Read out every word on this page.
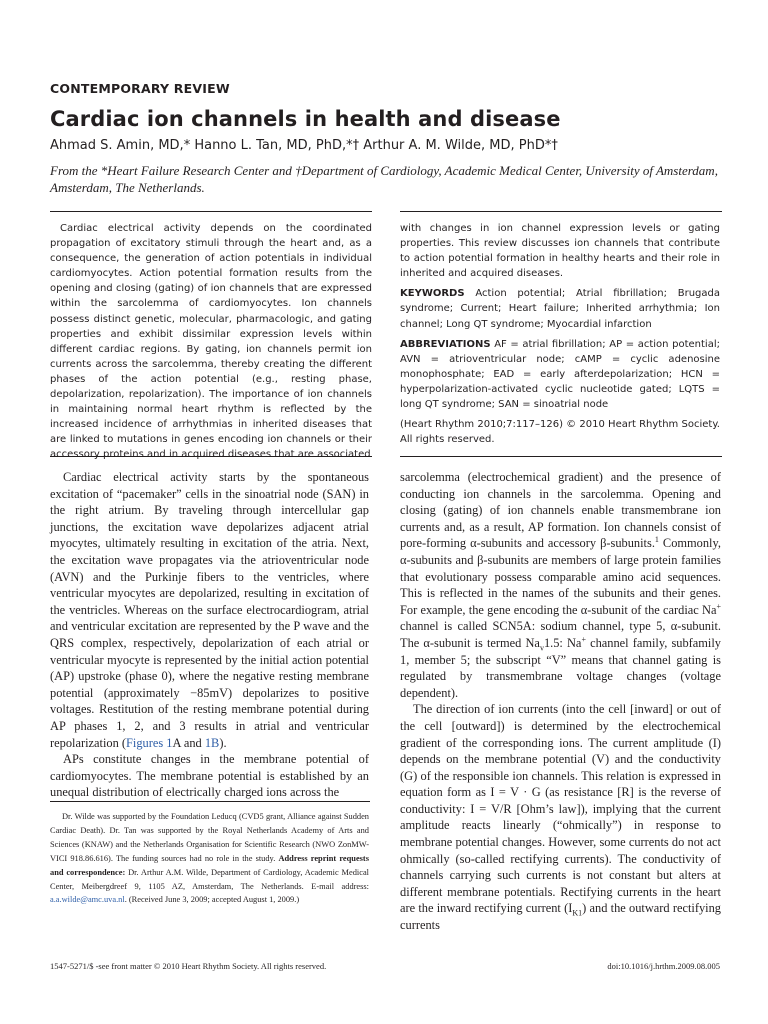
CONTEMPORARY REVIEW
Cardiac ion channels in health and disease
Ahmad S. Amin, MD,* Hanno L. Tan, MD, PhD,*† Arthur A. M. Wilde, MD, PhD*†
From the *Heart Failure Research Center and †Department of Cardiology, Academic Medical Center, University of Amsterdam, Amsterdam, The Netherlands.

Cardiac electrical activity depends on the coordinated propagation of excitatory stimuli through the heart and, as a consequence, the generation of action potentials in individual cardiomyocytes. Action potential formation results from the opening and closing (gating) of ion channels that are expressed within the sarcolemma of cardiomyocytes. Ion channels possess distinct genetic, molecular, pharmacologic, and gating properties and exhibit dissimilar expression levels within different cardiac regions. By gating, ion channels permit ion currents across the sarcolemma, thereby creating the different phases of the action potential (e.g., resting phase, depolarization, repolarization). The importance of ion channels in maintaining normal heart rhythm is reflected by the increased incidence of arrhythmias in inherited diseases that are linked to mutations in genes encoding ion channels or their accessory proteins and in acquired diseases that are associated

with changes in ion channel expression levels or gating properties. This review discusses ion channels that contribute to action potential formation in healthy hearts and their role in inherited and acquired diseases.
KEYWORDS Action potential; Atrial fibrillation; Brugada syndrome; Current; Heart failure; Inherited arrhythmia; Ion channel; Long QT syndrome; Myocardial infarction
ABBREVIATIONS AF = atrial fibrillation; AP = action potential; AVN = atrioventricular node; cAMP = cyclic adenosine monophosphate; EAD = early afterdepolarization; HCN = hyperpolarization-activated cyclic nucleotide gated; LQTS = long QT syndrome; SAN = sinoatrial node
(Heart Rhythm 2010;7:117–126) © 2010 Heart Rhythm Society. All rights reserved.
Cardiac electrical activity starts by the spontaneous excitation of “pacemaker” cells in the sinoatrial node (SAN) in the right atrium. By traveling through intercellular gap junctions, the excitation wave depolarizes adjacent atrial myocytes, ultimately resulting in excitation of the atria. Next, the excitation wave propagates via the atrioventricular node (AVN) and the Purkinje fibers to the ventricles, where ventricular myocytes are depolarized, resulting in excitation of the ventricles. Whereas on the surface electrocardiogram, atrial and ventricular excitation are represented by the P wave and the QRS complex, respectively, depolarization of each atrial or ventricular myocyte is represented by the initial action potential (AP) upstroke (phase 0), where the negative resting membrane potential (approximately −85mV) depolarizes to positive voltages. Restitution of the resting membrane potential during AP phases 1, 2, and 3 results in atrial and ventricular repolarization (Figures 1A and 1B).
APs constitute changes in the membrane potential of cardiomyocytes. The membrane potential is established by an unequal distribution of electrically charged ions across the
sarcolemma (electrochemical gradient) and the presence of conducting ion channels in the sarcolemma. Opening and closing (gating) of ion channels enable transmembrane ion currents and, as a result, AP formation. Ion channels consist of pore-forming α-subunits and accessory β-subunits.$^1$ Commonly, α-subunits and β-subunits are members of large protein families that evolutionary possess comparable amino acid sequences. This is reflected in the names of the subunits and their genes. For example, the gene encoding the α-subunit of the cardiac Na+ channel is called SCN5A: sodium channel, type 5, α-subunit. The α-subunit is termed $Na_v1.5$: Na+ channel family, subfamily 1, member 5; the subscript “V” means that channel gating is regulated by transmembrane voltage changes (voltage dependent).
The direction of ion currents (into the cell [inward] or out of the cell [outward]) is determined by the electrochemical gradient of the corresponding ions. The current amplitude (I) depends on the membrane potential (V) and the conductivity (G) of the responsible ion channels. This relation is expressed in equation form as I = V · G (as resistance [R] is the reverse of conductivity: I = V/R [Ohm’s law]), implying that the current amplitude reacts linearly (“ohmically”) in response to membrane potential changes. However, some currents do not act ohmically (so-called rectifying currents). The conductivity of channels carrying such currents is not constant but alters at different membrane potentials. Rectifying currents in the heart are the inward rectifying current $(I_{K1})$ and the outward rectifying currents

Dr. Wilde was supported by the Foundation Leducq (CVD5 grant, Alliance against Sudden Cardiac Death). Dr. Tan was supported by the Royal Netherlands Academy of Arts and Sciences (KNAW) and the Netherlands Organisation for Scientific Research (NWO ZonMW-VICI 918.86.616). The funding sources had no role in the study. Address reprint requests and correspondence: Dr. Arthur A.M. Wilde, Department of Cardiology, Academic Medical Center, Meibergdreef 9, 1105 AZ, Amsterdam, The Netherlands. E-mail address: a.a.wilde@amc.uva.nl. (Received June 3, 2009; accepted August 1, 2009.)

1547-5271/$ -see front matter © 2010 Heart Rhythm Society. All rights reserved.	doi:10.1016/j.hrthm.2009.08.005
